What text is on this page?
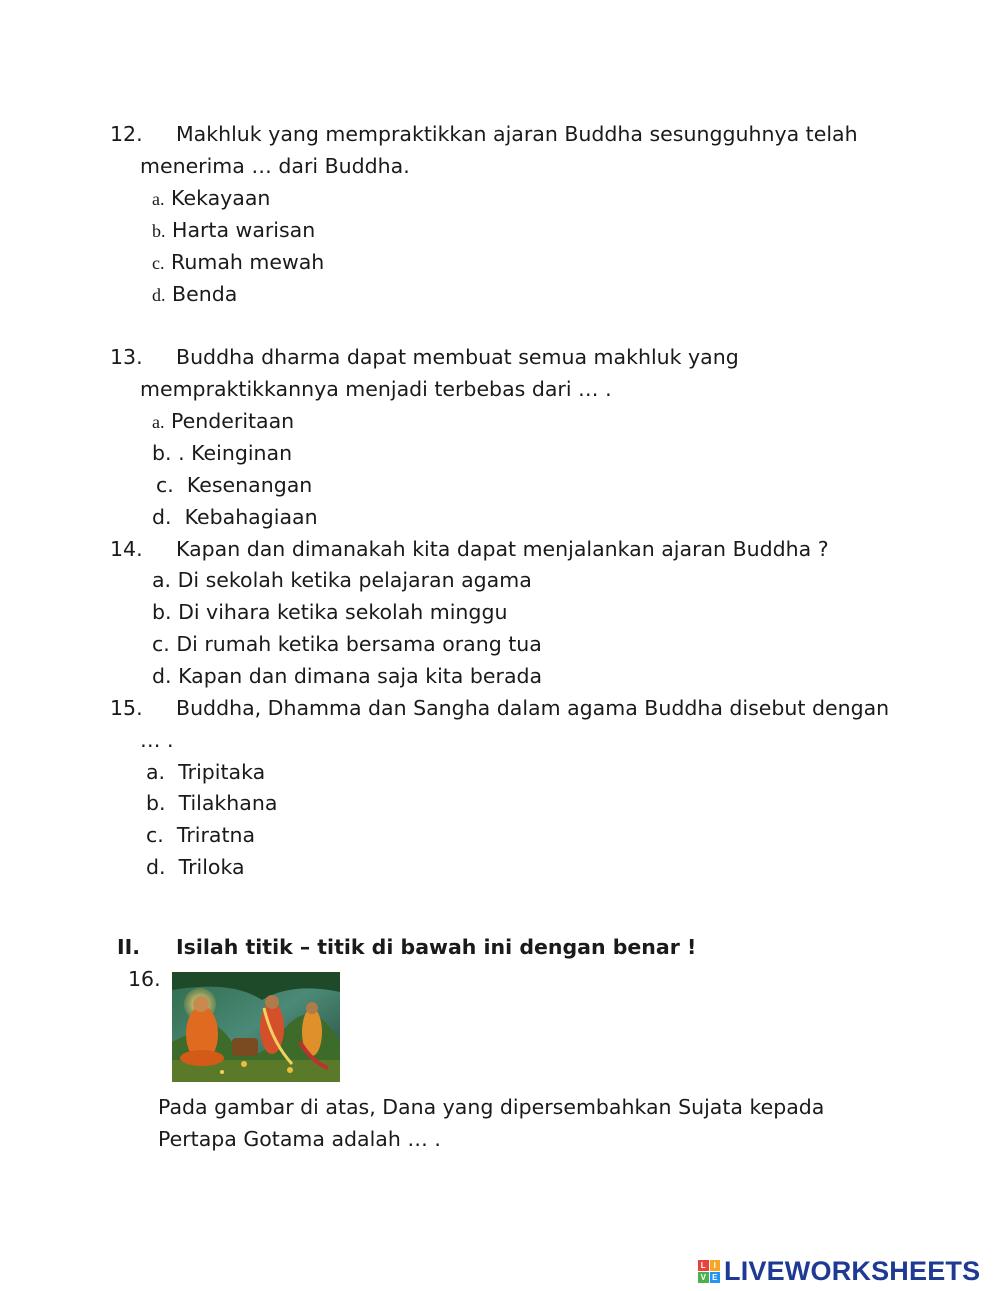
12. Makhluk yang mempraktikkan ajaran Buddha sesungguhnya telah
menerima … dari Buddha.
a. Kekayaan
b. Harta warisan
c. Rumah mewah
d. Benda
13. Buddha dharma dapat membuat semua makhluk yang
mempraktikkannya menjadi terbebas dari … .
a. Penderitaan
b. . Keinginan
c. Kesenangan
d. Kebahagiaan
14. Kapan dan dimanakah kita dapat menjalankan ajaran Buddha ?
a. Di sekolah ketika pelajaran agama
b. Di vihara ketika sekolah minggu
c. Di rumah ketika bersama orang tua
d. Kapan dan dimana saja kita berada
15. Buddha, Dhamma dan Sangha dalam agama Buddha disebut dengan
… .
a. Tripitaka
b. Tilakhana
c. Triratna
d. Triloka
II. Isilah titik – titik di bawah ini dengan benar !
16.
Pada gambar di atas, Dana yang dipersembahkan Sujata kepada
Pertapa Gotama adalah … .
L I
V E LIVEWORKSHEETS
